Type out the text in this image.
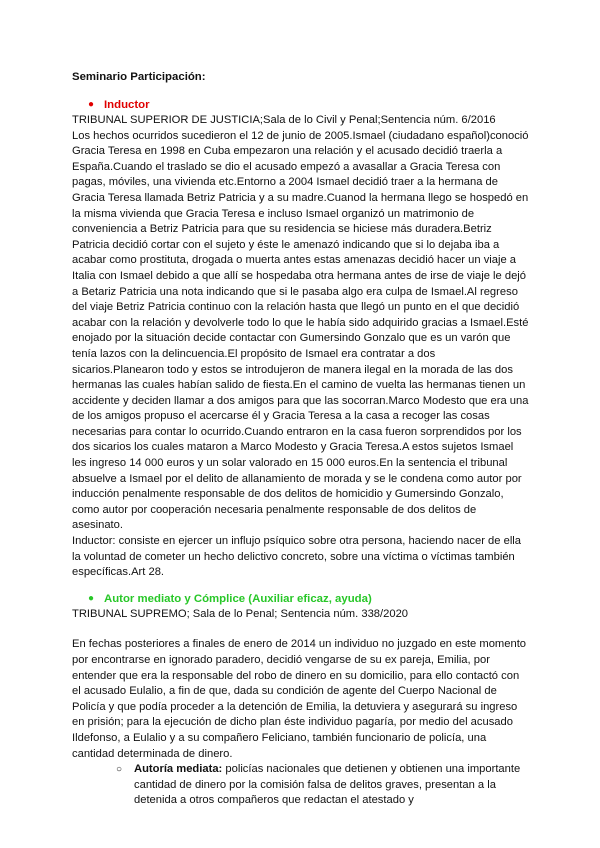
Seminario Participación:
● Inductor

TRIBUNAL SUPERIOR DE JUSTICIA;Sala de lo Civil y Penal;Sentencia núm. 6/2016

Los hechos ocurridos sucedieron el 12 de junio de 2005.Ismael (ciudadano español)conoció Gracia Teresa en 1998 en Cuba empezaron una relación y el acusado decidió traerla a España.Cuando el traslado se dio el acusado empezó a avasallar a Gracia Teresa con pagas, móviles, una vivienda etc.Entorno a 2004 Ismael decidió traer a la hermana de Gracia Teresa llamada Betriz Patricia y a su madre.Cuanod la hermana llego se hospedó en la misma vivienda que Gracia Teresa e incluso Ismael organizó un matrimonio de conveniencia a Betriz Patricia para que su residencia se hiciese más duradera.Betriz Patricia decidió cortar con el sujeto y éste le amenazó indicando que si lo dejaba iba a acabar como prostituta, drogada o muerta antes estas amenazas decidió hacer un viaje a Italia con Ismael debido a que allí se hospedaba otra hermana antes de irse de viaje le dejó a Betariz Patricia una nota indicando que si le pasaba algo era culpa de Ismael.Al regreso del viaje Betriz Patricia continuo con la relación hasta que llegó un punto en el que decidió acabar con la relación y devolverle todo lo que le había sido adquirido gracias a Ismael.Esté enojado por la situación decide contactar con Gumersindo Gonzalo que es un varón que tenía lazos con la delincuencia.El propósito de Ismael era contratar a dos sicarios.Planearon todo y estos se introdujeron de manera ilegal en la morada de las dos hermanas las cuales habían salido de fiesta.En el camino de vuelta las hermanas tienen un accidente y deciden llamar a dos amigos para que las socorran.Marco Modesto que era una de los amigos propuso el acercarse él y Gracia Teresa a la casa a recoger las cosas necesarias para contar lo ocurrido.Cuando entraron en la casa fueron sorprendidos por los dos sicarios los cuales mataron a Marco Modesto y Gracia Teresa.A estos sujetos Ismael les ingreso 14 000 euros y un solar valorado en 15 000 euros.En la sentencia el tribunal absuelve a Ismael por el delito de allanamiento de morada y se le condena como autor por inducción penalmente responsable de dos delitos de homicidio y Gumersindo Gonzalo, como autor por cooperación necesaria penalmente responsable de dos delitos de asesinato.

Inductor: consiste en ejercer un influjo psíquico sobre otra persona, haciendo nacer de ella la voluntad de cometer un hecho delictivo concreto, sobre una víctima o víctimas también específicas.Art 28.

● Autor mediato y Cómplice (Auxiliar eficaz, ayuda)

TRIBUNAL SUPREMO; Sala de lo Penal; Sentencia núm. 338/2020

En fechas posteriores a finales de enero de 2014 un individuo no juzgado en este momento por encontrarse en ignorado paradero, decidió vengarse de su ex pareja, Emilia, por entender que era la responsable del robo de dinero en su domicilio, para ello contactó con el acusado Eulalio, a fin de que, dada su condición de agente del Cuerpo Nacional de Policía y que podía proceder a la detención de Emilia, la detuviera y asegurará su ingreso en prisión; para la ejecución de dicho plan éste individuo pagaría, por medio del acusado Ildefonso, a Eulalio y a su compañero Feliciano, también funcionario de policía, una cantidad determinada de dinero.

○	Autoría mediata: policías nacionales que detienen y obtienen una importante cantidad de dinero por la comisión falsa de delitos graves, presentan a la detenida a otros compañeros que redactan el atestado y
